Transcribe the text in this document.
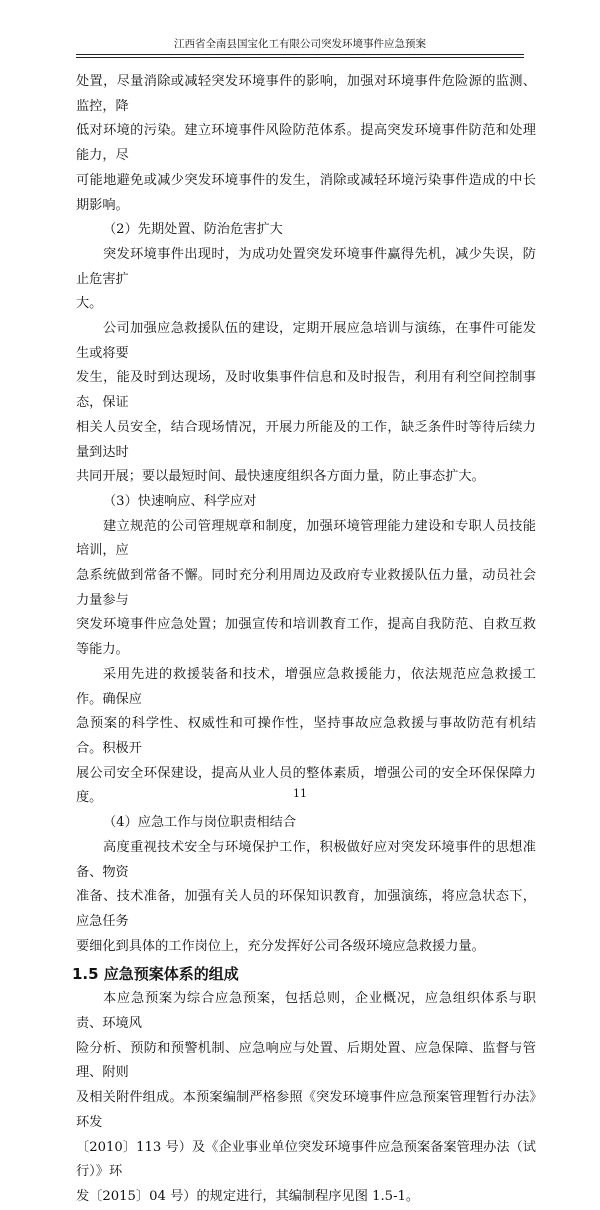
江西省全南县国宝化工有限公司突发环境事件应急预案
处置，尽量消除或减轻突发环境事件的影响，加强对环境事件危险源的监测、监控，降
低对环境的污染。建立环境事件风险防范体系。提高突发环境事件防范和处理能力，尽
可能地避免或减少突发环境事件的发生，消除或减轻环境污染事件造成的中长期影响。
（2）先期处置、防治危害扩大
突发环境事件出现时，为成功处置突发环境事件赢得先机，减少失误，防止危害扩
大。
公司加强应急救援队伍的建设，定期开展应急培训与演练，在事件可能发生或将要
发生，能及时到达现场，及时收集事件信息和及时报告，利用有利空间控制事态，保证
相关人员安全，结合现场情况，开展力所能及的工作，缺乏条件时等待后续力量到达时
共同开展；要以最短时间、最快速度组织各方面力量，防止事态扩大。
（3）快速响应、科学应对
建立规范的公司管理规章和制度，加强环境管理能力建设和专职人员技能培训，应
急系统做到常备不懈。同时充分利用周边及政府专业救援队伍力量，动员社会力量参与
突发环境事件应急处置；加强宣传和培训教育工作，提高自我防范、自救互救等能力。
采用先进的救援装备和技术，增强应急救援能力，依法规范应急救援工作。确保应
急预案的科学性、权威性和可操作性，坚持事故应急救援与事故防范有机结合。积极开
展公司安全环保建设，提高从业人员的整体素质，增强公司的安全环保保障力度。
（4）应急工作与岗位职责相结合
高度重视技术安全与环境保护工作，积极做好应对突发环境事件的思想准备、物资
准备、技术准备，加强有关人员的环保知识教育，加强演练，将应急状态下，应急任务
要细化到具体的工作岗位上，充分发挥好公司各级环境应急救援力量。
1.5 应急预案体系的组成
本应急预案为综合应急预案，包括总则，企业概况，应急组织体系与职责、环境风
险分析、预防和预警机制、应急响应与处置、后期处置、应急保障、监督与管理、附则
及相关附件组成。本预案编制严格参照《突发环境事件应急预案管理暂行办法》环发
〔2010〕113 号）及《企业事业单位突发环境事件应急预案备案管理办法（试行）》环
发〔2015〕04 号）的规定进行，其编制程序见图 1.5-1。
11
